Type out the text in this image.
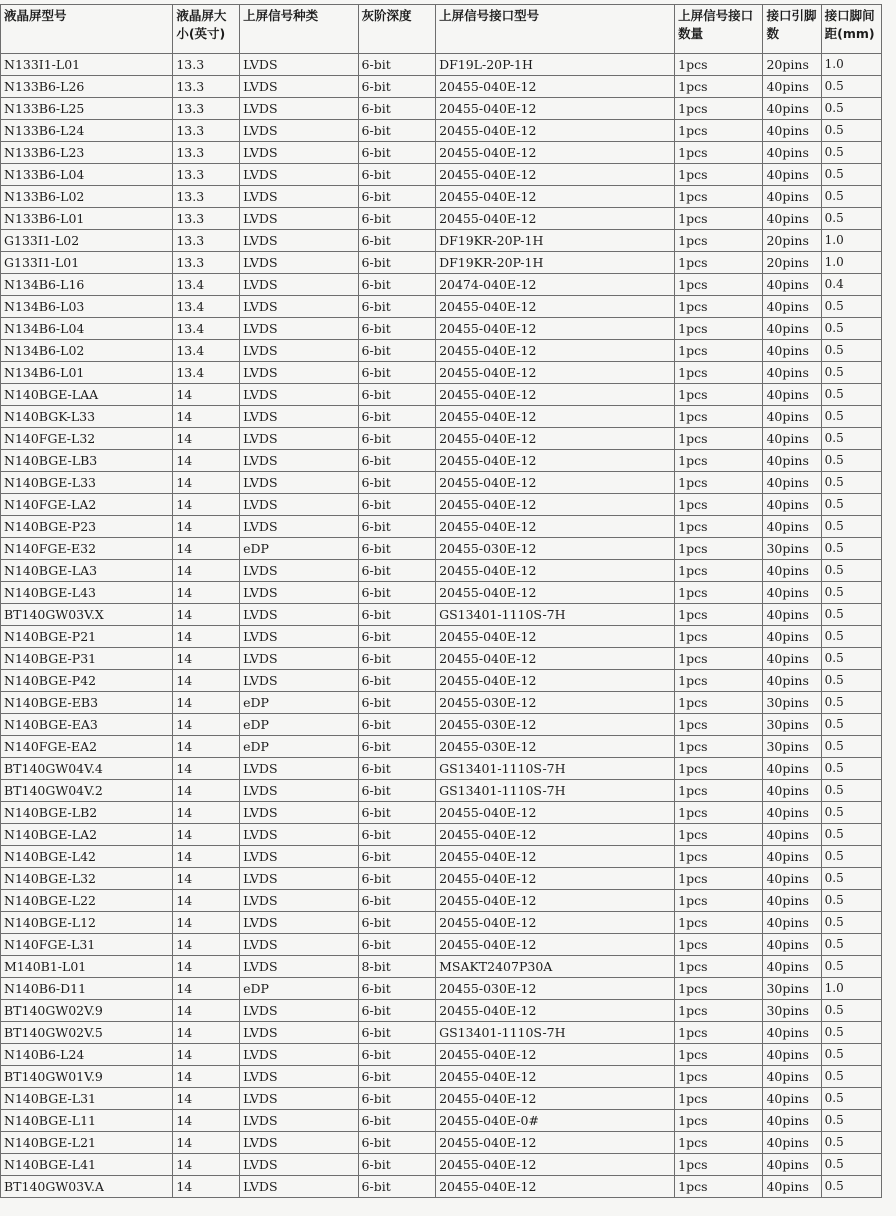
液晶屏型号	液晶屏大小(英寸)	上屏信号种类	灰阶深度	上屏信号接口型号	上屏信号接口数量	接口引脚数	接口脚间距(mm)
N133I1-L01	13.3	LVDS	6-bit	DF19L-20P-1H	1pcs	20pins	1.0
N133B6-L26	13.3	LVDS	6-bit	20455-040E-12	1pcs	40pins	0.5
N133B6-L25	13.3	LVDS	6-bit	20455-040E-12	1pcs	40pins	0.5
N133B6-L24	13.3	LVDS	6-bit	20455-040E-12	1pcs	40pins	0.5
N133B6-L23	13.3	LVDS	6-bit	20455-040E-12	1pcs	40pins	0.5
N133B6-L04	13.3	LVDS	6-bit	20455-040E-12	1pcs	40pins	0.5
N133B6-L02	13.3	LVDS	6-bit	20455-040E-12	1pcs	40pins	0.5
N133B6-L01	13.3	LVDS	6-bit	20455-040E-12	1pcs	40pins	0.5
G133I1-L02	13.3	LVDS	6-bit	DF19KR-20P-1H	1pcs	20pins	1.0
G133I1-L01	13.3	LVDS	6-bit	DF19KR-20P-1H	1pcs	20pins	1.0
N134B6-L16	13.4	LVDS	6-bit	20474-040E-12	1pcs	40pins	0.4
N134B6-L03	13.4	LVDS	6-bit	20455-040E-12	1pcs	40pins	0.5
N134B6-L04	13.4	LVDS	6-bit	20455-040E-12	1pcs	40pins	0.5
N134B6-L02	13.4	LVDS	6-bit	20455-040E-12	1pcs	40pins	0.5
N134B6-L01	13.4	LVDS	6-bit	20455-040E-12	1pcs	40pins	0.5
N140BGE-LAA	14	LVDS	6-bit	20455-040E-12	1pcs	40pins	0.5
N140BGK-L33	14	LVDS	6-bit	20455-040E-12	1pcs	40pins	0.5
N140FGE-L32	14	LVDS	6-bit	20455-040E-12	1pcs	40pins	0.5
N140BGE-LB3	14	LVDS	6-bit	20455-040E-12	1pcs	40pins	0.5
N140BGE-L33	14	LVDS	6-bit	20455-040E-12	1pcs	40pins	0.5
N140FGE-LA2	14	LVDS	6-bit	20455-040E-12	1pcs	40pins	0.5
N140BGE-P23	14	LVDS	6-bit	20455-040E-12	1pcs	40pins	0.5
N140FGE-E32	14	eDP	6-bit	20455-030E-12	1pcs	30pins	0.5
N140BGE-LA3	14	LVDS	6-bit	20455-040E-12	1pcs	40pins	0.5
N140BGE-L43	14	LVDS	6-bit	20455-040E-12	1pcs	40pins	0.5
BT140GW03V.X	14	LVDS	6-bit	GS13401-1110S-7H	1pcs	40pins	0.5
N140BGE-P21	14	LVDS	6-bit	20455-040E-12	1pcs	40pins	0.5
N140BGE-P31	14	LVDS	6-bit	20455-040E-12	1pcs	40pins	0.5
N140BGE-P42	14	LVDS	6-bit	20455-040E-12	1pcs	40pins	0.5
N140BGE-EB3	14	eDP	6-bit	20455-030E-12	1pcs	30pins	0.5
N140BGE-EA3	14	eDP	6-bit	20455-030E-12	1pcs	30pins	0.5
N140FGE-EA2	14	eDP	6-bit	20455-030E-12	1pcs	30pins	0.5
BT140GW04V.4	14	LVDS	6-bit	GS13401-1110S-7H	1pcs	40pins	0.5
BT140GW04V.2	14	LVDS	6-bit	GS13401-1110S-7H	1pcs	40pins	0.5
N140BGE-LB2	14	LVDS	6-bit	20455-040E-12	1pcs	40pins	0.5
N140BGE-LA2	14	LVDS	6-bit	20455-040E-12	1pcs	40pins	0.5
N140BGE-L42	14	LVDS	6-bit	20455-040E-12	1pcs	40pins	0.5
N140BGE-L32	14	LVDS	6-bit	20455-040E-12	1pcs	40pins	0.5
N140BGE-L22	14	LVDS	6-bit	20455-040E-12	1pcs	40pins	0.5
N140BGE-L12	14	LVDS	6-bit	20455-040E-12	1pcs	40pins	0.5
N140FGE-L31	14	LVDS	6-bit	20455-040E-12	1pcs	40pins	0.5
M140B1-L01	14	LVDS	8-bit	MSAKT2407P30A	1pcs	40pins	0.5
N140B6-D11	14	eDP	6-bit	20455-030E-12	1pcs	30pins	1.0
BT140GW02V.9	14	LVDS	6-bit	20455-040E-12	1pcs	30pins	0.5
BT140GW02V.5	14	LVDS	6-bit	GS13401-1110S-7H	1pcs	40pins	0.5
N140B6-L24	14	LVDS	6-bit	20455-040E-12	1pcs	40pins	0.5
BT140GW01V.9	14	LVDS	6-bit	20455-040E-12	1pcs	40pins	0.5
N140BGE-L31	14	LVDS	6-bit	20455-040E-12	1pcs	40pins	0.5
N140BGE-L11	14	LVDS	6-bit	20455-040E-0#	1pcs	40pins	0.5
N140BGE-L21	14	LVDS	6-bit	20455-040E-12	1pcs	40pins	0.5
N140BGE-L41	14	LVDS	6-bit	20455-040E-12	1pcs	40pins	0.5
BT140GW03V.A	14	LVDS	6-bit	20455-040E-12	1pcs	40pins	0.5
